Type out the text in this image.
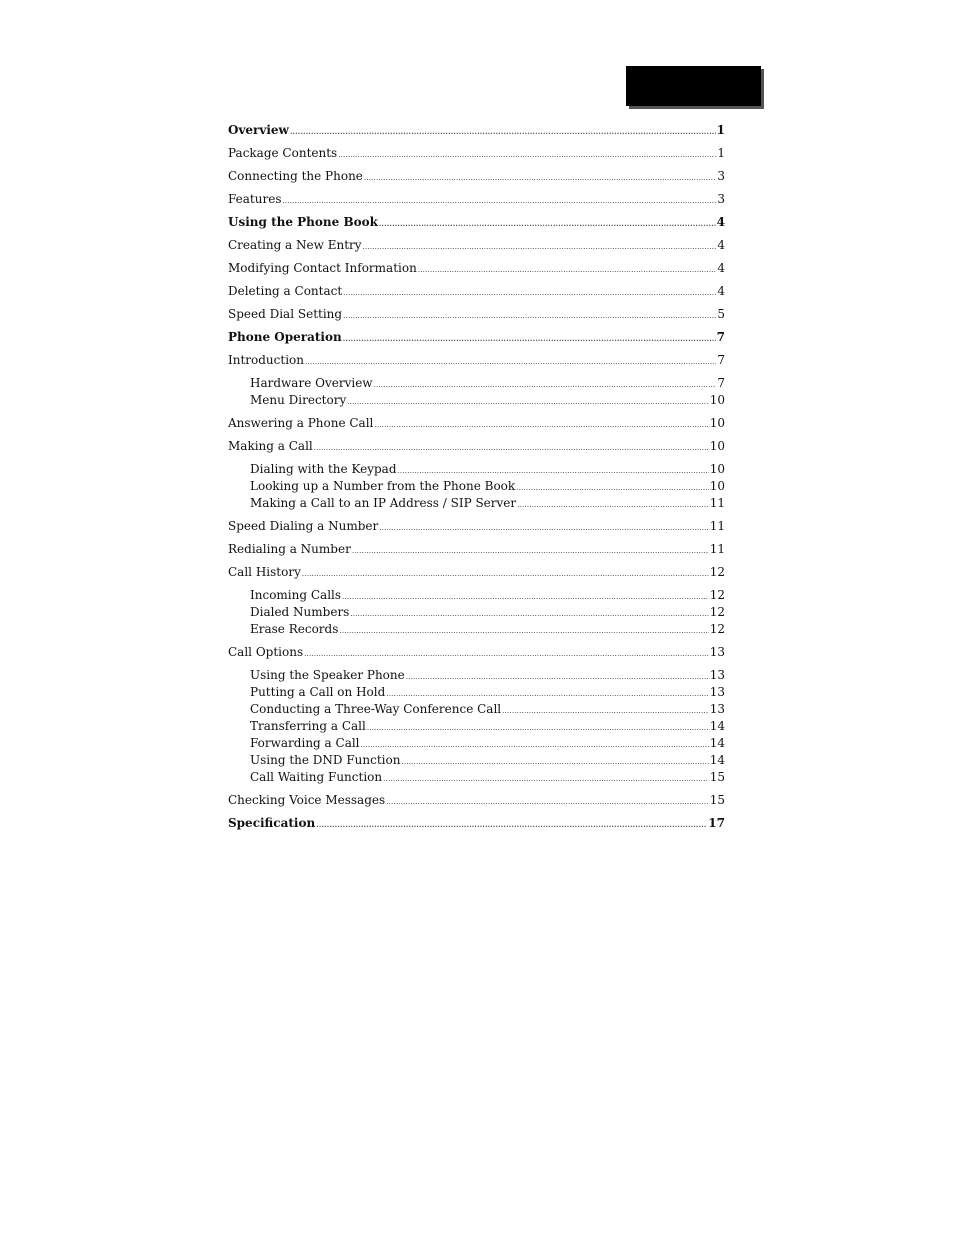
Overview .....	1
Package Contents .....	1
Connecting the Phone .....	3
Features .....	3
Using the Phone Book .....	4
Creating a New Entry .....	4
Modifying Contact Information .....	4
Deleting a Contact .....	4
Speed Dial Setting .....	5
Phone Operation .....	7
Introduction .....	7
Hardware Overview .....	7
Menu Directory .....	10
Answering a Phone Call .....	10
Making a Call .....	10
Dialing with the Keypad .....	10
Looking up a Number from the Phone Book .....	10
Making a Call to an IP Address / SIP Server .....	11
Speed Dialing a Number .....	11
Redialing a Number .....	11
Call History .....	12
Incoming Calls .....	12
Dialed Numbers .....	12
Erase Records .....	12
Call Options .....	13
Using the Speaker Phone .....	13
Putting a Call on Hold .....	13
Conducting a Three-Way Conference Call .....	13
Transferring a Call .....	14
Forwarding a Call .....	14
Using the DND Function .....	14
Call Waiting Function .....	15
Checking Voice Messages .....	15
Specification .....	17
